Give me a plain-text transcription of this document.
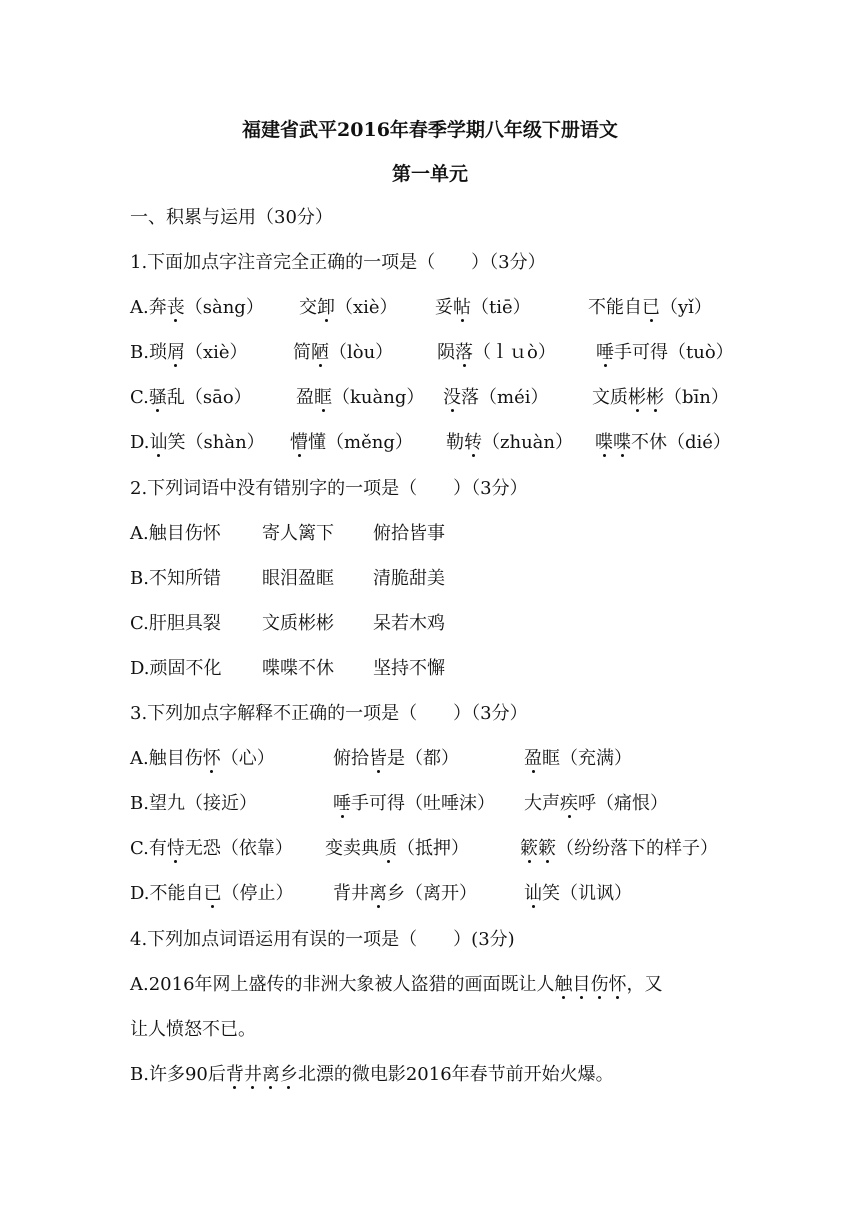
福建省武平2016年春季学期八年级下册语文
第一单元
一、积累与运用（30分）
1.下面加点字注音完全正确的一项是（　　）（3分）
A.奔丧（sàng） 交卸（xiè） 妥帖（tiē）	不能自已（yǐ）
B.琐屑（xiè）	简陋（lòu） 陨落（ｌｕò） 唾手可得（tuò）
C.骚乱（sāo） 盈眶（kuàng） 没落（méi） 文质彬彬（bīn）
D.讪笑（shàn） 懵懂（měng） 勒转（zhuàn） 喋喋不休（dié）
2.下列词语中没有错别字的一项是（　　）（3分）
A.触目伤怀 寄人篱下 俯拾皆事
B.不知所错 眼泪盈眶 清脆甜美
C.肝胆具裂 文质彬彬 呆若木鸡
D.顽固不化 喋喋不休 坚持不懈
3.下列加点字解释不正确的一项是（　　）（3分）
A.触目伤怀（心）	俯拾皆是（都）	盈眶（充满）
B.望九（接近）	唾手可得（吐唾沫） 大声疾呼（痛恨）
C.有恃无恐（依靠） 变卖典质（抵押）	簌簌（纷纷落下的样子）
D.不能自已（停止） 背井离乡（离开）	讪笑（讥讽）
4.下列加点词语运用有误的一项是（　　）(3分)
A.2016年网上盛传的非洲大象被人盗猎的画面既让人触目伤怀，又
让人愤怒不已。
B.许多90后背井离乡北漂的微电影2016年春节前开始火爆。
